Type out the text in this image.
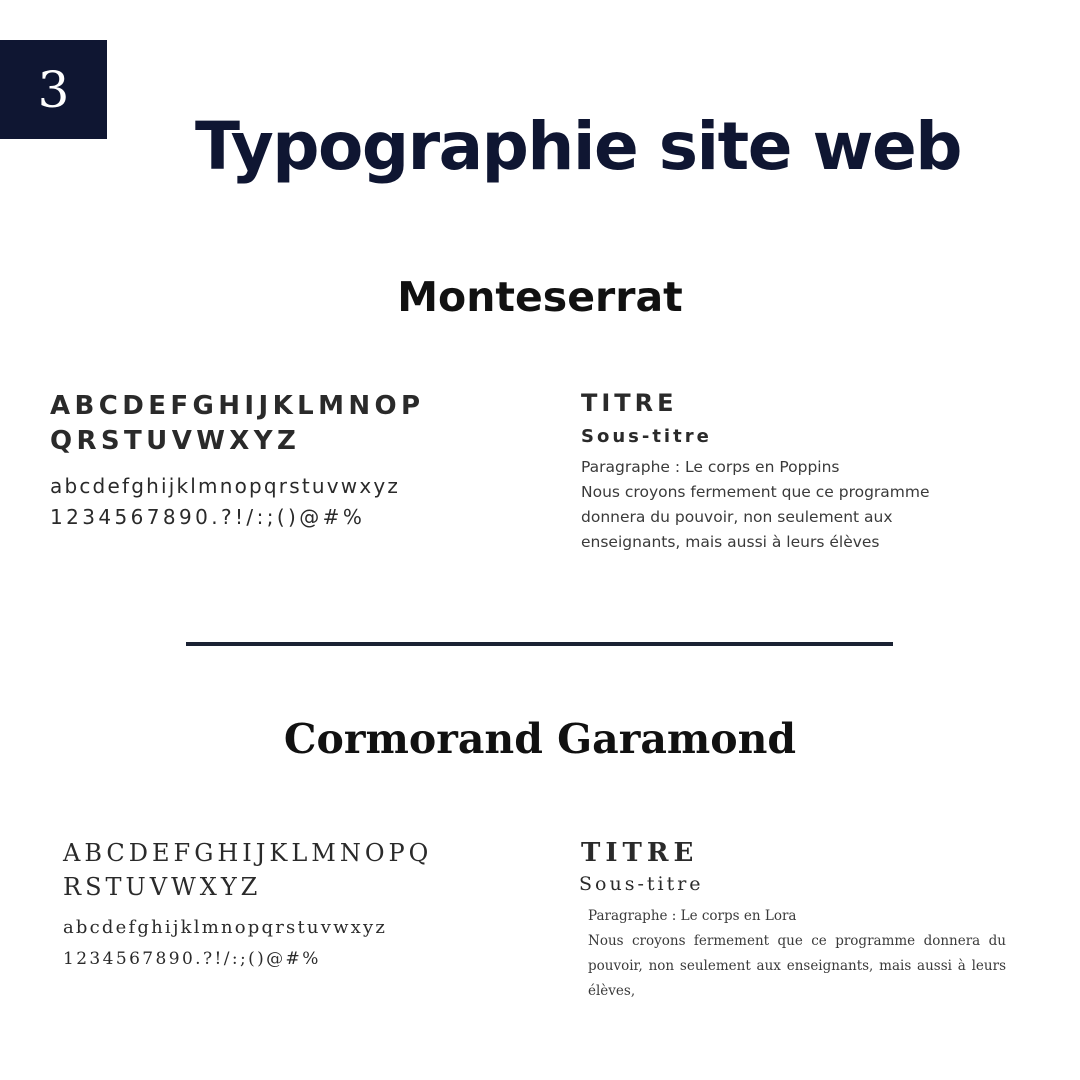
3
Typographie site web
Monteserrat
ABCDEFGHIJKLMNOP
QRSTUVWXYZ
abcdefghijklmnopqrstuvwxyz
1234567890.?!/:;()@#%
TITRE
Sous-titre
Paragraphe : Le corps en Poppins
Nous croyons fermement que ce programme
donnera du pouvoir, non seulement aux
enseignants, mais aussi à leurs élèves
Cormorand Garamond
ABCDEFGHIJKLMNOPQ
RSTUVWXYZ
abcdefghijklmnopqrstuvwxyz
1234567890.?!/:;()@#%
TITRE
Sous-titre
Paragraphe : Le corps en Lora
Nous croyons fermement que ce programme donnera du pouvoir, non seulement aux enseignants, mais aussi à leurs élèves,
